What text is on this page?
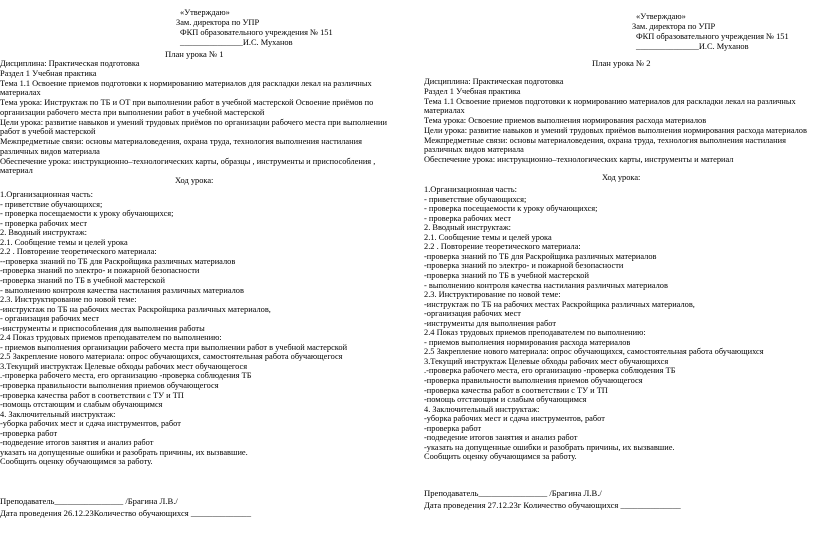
«Утверждаю»
Зам. директора по УПР
ФКП образовательного учреждения № 151
_______________И.С. Муханов
План урока № 1
Дисциплина: Практическая подготовка
Раздел 1 Учебная практика
Тема 1.1 Освоение приемов подготовки к нормированию материалов для раскладки лекал на различных
материалах
Тема урока: Инструктаж по ТБ и ОТ при выполнении работ в учебной мастерской Освоение приёмов по
организации рабочего места при выполнении работ в учебной мастерской
Цели урока: развитие навыков и умений трудовых приёмов по организации рабочего места при выполнении
работ в учебой мастерской
Межпредметные связи: основы материаловедения, охрана труда, технология выполнения настилания
различных видов материала
Обеспечение урока: инструкционно–технологических карты, образцы , инструменты и приспособления ,
материал
Ход урока:
1.Организационная часть:
- приветствие обучающихся;
- проверка посещаемости к уроку обучающихся;
- проверка рабочих мест
2. Вводный инструктаж:
2.1. Сообщение темы и целей урока
2.2 . Повторение теоретического материала:
--проверка знаний по ТБ для Раскройщика различных материалов
-проверка знаний по электро- и пожарной безопасности
-проверка знаний по ТБ в учебной мастерской
- выполнению контроля качества настилания различных материалов
2.3. Инструктирование по новой теме:
-инструктаж по ТБ на рабочих местах Раскройщика различных материалов,
- организация рабочих мест
-инструменты и приспособления для выполнения работы
2.4 Показ трудовых приемов преподавателем по выполнению:
- приемов выполнения организации рабочего места при выполнении работ в учебной мастерской
2.5 Закрепление нового материала: опрос обучающихся, самостоятельная работа обучающегося
3.Текущий инструктаж Целевые обходы рабочих мест обучающегося
.-проверка рабочего места, его организацию -проверка соблюдения ТБ
-проверка правильности выполнения приемов обучающегося
-проверка качества работ в соответствии с ТУ и ТП
-помощь отстающим и слабым обучающимся
4. Заключительный инструктаж:
-уборка рабочих мест и сдача инструментов, работ
-проверка работ
-подведение итогов занятия и анализ работ
указать на допущенные ошибки и разобрать причины, их вызвавшие.
Сообщить оценку обучающимся за работу.
Преподаватель________________ /Брагина Л.В./
Дата проведения 26.12.23Количество обучающихся ______________
«Утверждаю»
Зам. директора по УПР
ФКП образовательного учреждения № 151
_______________И.С. Муханов
План урока № 2
Дисциплина: Практическая подготовка
Раздел 1 Учебная практика
Тема 1.1 Освоение приемов подготовки к нормированию материалов для раскладки лекал на различных
материалах
Тема урока: Освоение приемов выполнения нормирования расхода материалов
Цели урока: развитие навыков и умений трудовых приёмов выполнения нормирования расхода материалов
Межпредметные связи: основы материаловедения, охрана труда, технология выполнения настилания
различных видов материала
Обеспечение урока: инструкционно–технологических карты, инструменты и материал
Ход урока:
1.Организационная часть:
- приветствие обучающихся;
- проверка посещаемости к уроку обучающихся;
- проверка рабочих мест
2. Вводный инструктаж:
2.1. Сообщение темы и целей урока
2.2 . Повторение теоретического материала:
-проверка знаний по ТБ для Раскройщика различных материалов
-проверка знаний по электро- и пожарной безопасности
-проверка знаний по ТБ в учебной мастерской
- выполнению контроля качества настилания различных материалов
2.3. Инструктирование по новой теме:
-инструктаж по ТБ на рабочих местах Раскройщика различных материалов,
-организация рабочих мест
-инструменты для выполнения работ
2.4 Показ трудовых приемов преподавателем по выполнению:
- приемов выполнения нормирования расхода материалов
2.5 Закрепление нового материала: опрос обучающихся, самостоятельная работа обучающихся
3.Текущий инструктаж Целевые обходы рабочих мест обучающихся
.-проверка рабочего места, его организацию -проверка соблюдения ТБ
-проверка правильности выполнения приемов обучающегося
-проверка качества работ в соответствии с ТУ и ТП
-помощь отстающим и слабым обучающимся
4. Заключительный инструктаж:
-уборка рабочих мест и сдача инструментов, работ
-проверка работ
-подведение итогов занятия и анализ работ
-указать на допущенные ошибки и разобрать причины, их вызвавшие.
Сообщить оценку обучающимся за работу.
Преподаватель________________ /Брагина Л.В./
Дата проведения 27.12.23г Количество обучающихся ______________
